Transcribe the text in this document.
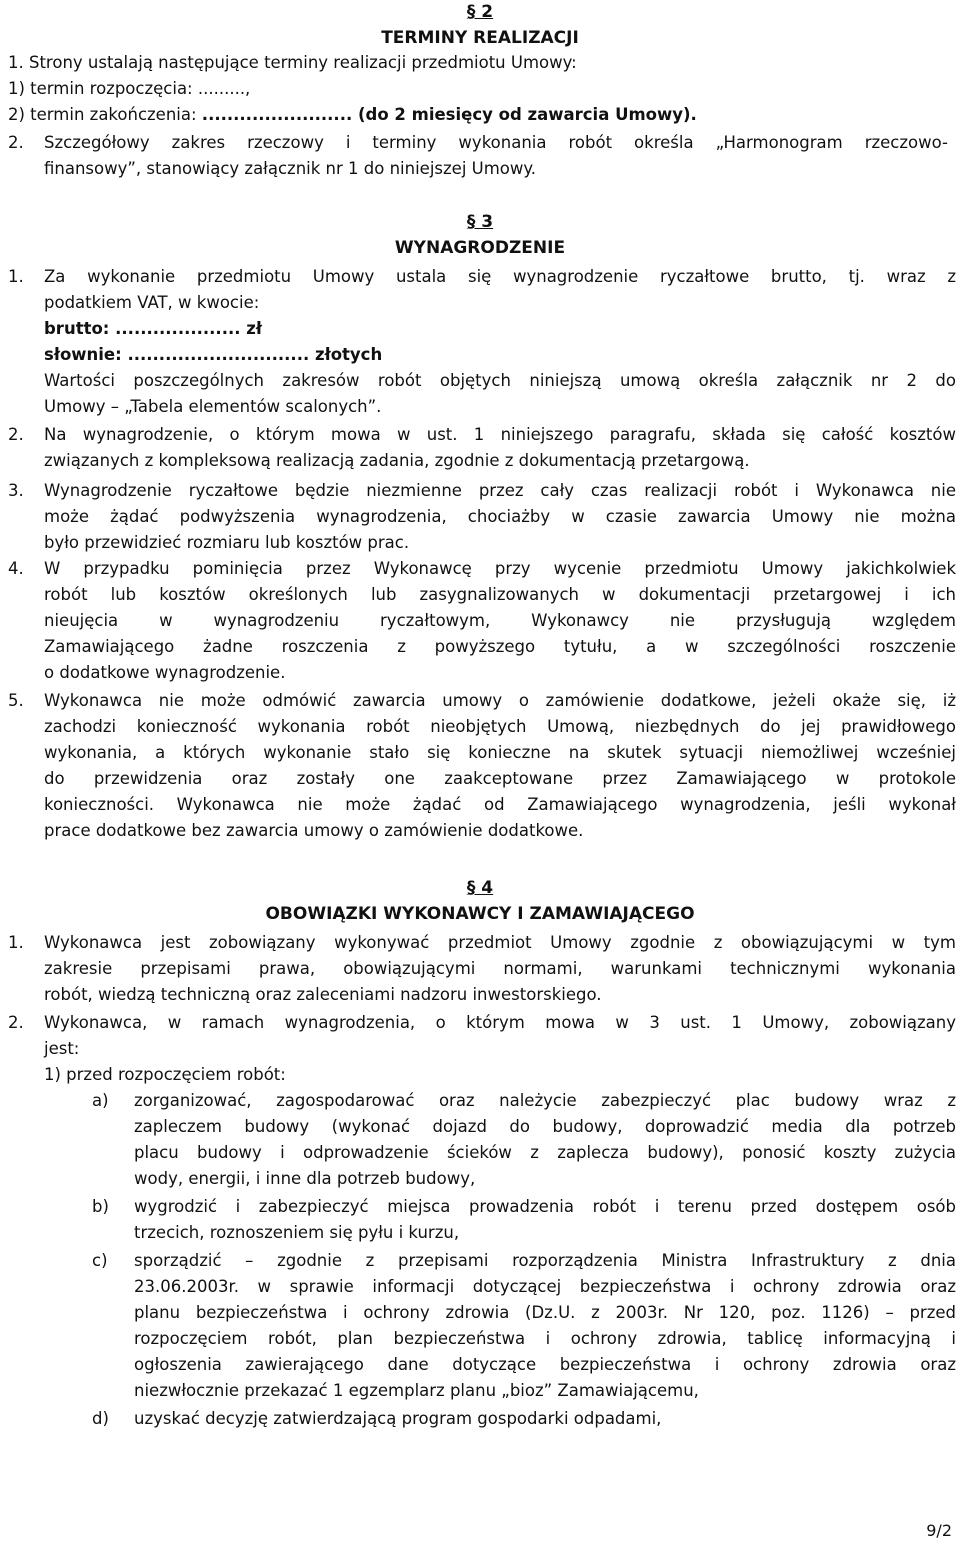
§ 2
TERMINY REALIZACJI
1. Strony ustalają następujące terminy realizacji przedmiotu Umowy:
1) termin rozpoczęcia: .........,
2) termin zakończenia: ........................ (do 2 miesięcy od zawarcia Umowy).
2. Szczegółowy zakres rzeczowy i terminy wykonania robót określa „Harmonogram rzeczowo-
finansowy”, stanowiący załącznik nr 1 do niniejszej Umowy.
§ 3
WYNAGRODZENIE
1. Za wykonanie przedmiotu Umowy ustala się wynagrodzenie ryczałtowe brutto, tj. wraz z
podatkiem VAT, w kwocie:
brutto: .................... zł
słownie: ............................. złotych
Wartości poszczególnych zakresów robót objętych niniejszą umową określa załącznik nr 2 do
Umowy – „Tabela elementów scalonych”.
2. Na wynagrodzenie, o którym mowa w ust. 1 niniejszego paragrafu, składa się całość kosztów
związanych z kompleksową realizacją zadania, zgodnie z dokumentacją przetargową.
3. Wynagrodzenie ryczałtowe będzie niezmienne przez cały czas realizacji robót i Wykonawca nie
może żądać podwyższenia wynagrodzenia, chociażby w czasie zawarcia Umowy nie można
było przewidzieć rozmiaru lub kosztów prac.
4. W przypadku pominięcia przez Wykonawcę przy wycenie przedmiotu Umowy jakichkolwiek
robót lub kosztów określonych lub zasygnalizowanych w dokumentacji przetargowej i ich
nieujęcia w wynagrodzeniu ryczałtowym, Wykonawcy nie przysługują względem
Zamawiającego żadne roszczenia z powyższego tytułu, a w szczególności roszczenie
o dodatkowe wynagrodzenie.
5. Wykonawca nie może odmówić zawarcia umowy o zamówienie dodatkowe, jeżeli okaże się, iż
zachodzi konieczność wykonania robót nieobjętych Umową, niezbędnych do jej prawidłowego
wykonania, a których wykonanie stało się konieczne na skutek sytuacji niemożliwej wcześniej
do przewidzenia oraz zostały one zaakceptowane przez Zamawiającego w protokole
konieczności. Wykonawca nie może żądać od Zamawiającego wynagrodzenia, jeśli wykonał
prace dodatkowe bez zawarcia umowy o zamówienie dodatkowe.
§ 4
OBOWIĄZKI WYKONAWCY I ZAMAWIAJĄCEGO
1. Wykonawca jest zobowiązany wykonywać przedmiot Umowy zgodnie z obowiązującymi w tym
zakresie przepisami prawa, obowiązującymi normami, warunkami technicznymi wykonania
robót, wiedzą techniczną oraz zaleceniami nadzoru inwestorskiego.
2. Wykonawca, w ramach wynagrodzenia, o którym mowa w 3 ust. 1 Umowy, zobowiązany
jest:
1) przed rozpoczęciem robót:
a) zorganizować, zagospodarować oraz należycie zabezpieczyć plac budowy wraz z
zapleczem budowy (wykonać dojazd do budowy, doprowadzić media dla potrzeb
placu budowy i odprowadzenie ścieków z zaplecza budowy), ponosić koszty zużycia
wody, energii, i inne dla potrzeb budowy,
b) wygrodzić i zabezpieczyć miejsca prowadzenia robót i terenu przed dostępem osób
trzecich, roznoszeniem się pyłu i kurzu,
c) sporządzić – zgodnie z przepisami rozporządzenia Ministra Infrastruktury z dnia
23.06.2003r. w sprawie informacji dotyczącej bezpieczeństwa i ochrony zdrowia oraz
planu bezpieczeństwa i ochrony zdrowia (Dz.U. z 2003r. Nr 120, poz. 1126) – przed
rozpoczęciem robót, plan bezpieczeństwa i ochrony zdrowia, tablicę informacyjną i
ogłoszenia zawierającego dane dotyczące bezpieczeństwa i ochrony zdrowia oraz
niezwłocznie przekazać 1 egzemplarz planu „bioz” Zamawiającemu,
d) uzyskać decyzję zatwierdzającą program gospodarki odpadami,
9/2
